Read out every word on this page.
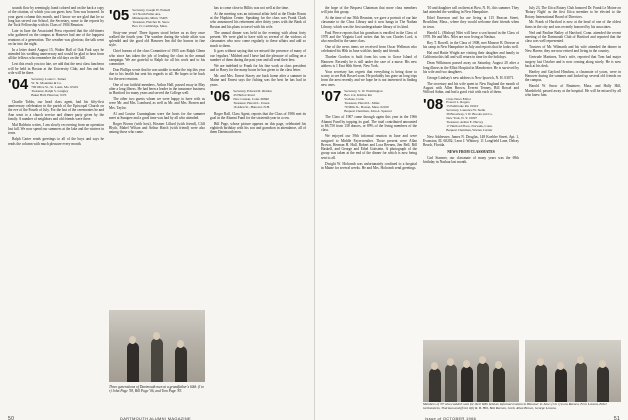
sounds flow by seemingly, hand colored and on the back a copy of the citation, of which you can guess how Tom was honored. In your guest column this month, and I know we are glad that he so long has served our School, the Secretary, some to the reports by the Tuck Fellowship with its Class of 1904 Reunion.

Late in June the Associated Press reported that the old-timers who gathered on the campus at Hanover had one of the happiest reunions of a generation. The weather was glorious; the talk went on far into the night.

In a letter dated August 15, Walter Ball of Oak Park says he attended his wedding anniversary and would be glad to hear from all the fellows who remember the old days on the hill.

Lest this reach you too late, we add that the next class luncheon will be held in Boston at the University Club, and Jim and his wife will be there.

'04 Secretary, Louis C. Turner
W. St. Mountain & Co.
700 Olive St., St. Louis, Mo. 63101
Treasurer, Ralph S. Langley
Baker Hall, Hanover, N.H.

Charlie Tobbs, our head class agent, had his fifty-first anniversary celebration in the parish of the Episcopal Church on the eve of the Fourth of July. For the last of the ceremonies he and Ann went to a church service and dinner party given by the family. A number of neighbors and old friends were there.

Mal Baldwin writes, I am slowly recovering from an operation last fall. We now spend our summers at the lake and the winters in town.

Ralph Carter sends greetings to all of the boys and says he reads the column with much pleasure every month.

'05 Secretary, Joseph W. Putnam
115 North Fuller Ave.
Minneapolis, Minn. 55403
Treasurer, Fletcher D. Snow
Box 15, Cambridge, Mass.

Sixty-one years! Three figures stood before us as they once walked the fourth year. The weather during the whole affair was splendid and the good old Hanover Inn did the honors in fine style.

Chief bureau of the class Committee of 1905 was Ralph Glenn who since has taken the job of leading the class in the annual campaign. We are grateful to Ralph for all his work and to his committee.

Don Phillips wrote that he was unable to make the trip this year due to his health but sent his regards to all. He hopes to be back for the next reunion.

One of our faithful members, Arthur Hall, passed away in May after a long illness. He had been a leader in the insurance business in Hartford for many years and served the College well.

The other two guests whom we were happy to have with us were Mr. and Mrs. Lombard, as well as Mr. and Mrs. Bowen and Mrs. Taylor.

Al and Louise Cunningham were the hosts for the summer meet at Sunapee and a good time was had by all who attended.

Roger Brown (with host), Hosmer Lillard (with friend), Cliff Blyth, Mabel Wilson and Arthur Hatch (with friend) were also among those who came.

Three generations of Dartmouth men at a grandfather's 60th. (l to r) John Page '58, Bill Page '06, and Tom Page '83.

has to come close to Billits was not well at the time.

At the meeting was an informal affair held at the Drake Room at the Hopkins Center. Speaking for the class was Frank Clark who announced his retirement after thirty years with the Bank of Boston and his plans to travel with his wife.

The annual dinner was held in the evening with about forty present. We were glad to have with us several of the widows of classmates who now come regularly to these affairs and add so much to them.

It goes without saying that we missed the presence of many of our 'regulars.' Mildred and I have had the pleasure of calling on a number of them during the past year and all send their best.

We are indebted to Frank for his fine work as class president and to Harry for the many hours he has given to the class letter.

Mr. and Mrs. Ernest Stacey are back home after a summer in Maine and Ernest says the fishing was the best he has had in years.

'06 Secretary, Edward R. Riddon
43 Harbor Road
New Canaan, Conn. 06840
Treasurer, Harold L. Unsen
16 Allen St., Hanover, N.H.

Roger Ball, Class Agent, reports that the Class of 1906 met its goal in the Alumni Fund for the sixteenth year in a row.

Bill Page, whose picture appears on this page, celebrated his eightieth birthday with his son and grandson in attendance, all of them Dartmouth men.

50	DARTMOUTH ALUMNI MAGAZINE

the hope of the Bequest Chairman that more class members will join this group.

At the time of our 50th Reunion, we gave a portrait of our late classmate to the Class Library and it now hangs in The Nathan Library, which was the first undergraduate library of its kind.

Paul Pierce reports that his grandson is enrolled in the Class of 1970 and the Virginia Lord writes that his son Charles Lord, is also enrolled in the same class.

One of the news items we received from Oscar Wellman who celebrated his 80th in June with his family and friends.

Thurber Gordon is built from his sons to Grace Island of Hanover. Recently he is still under the care of a nurse. His new address is 1 East 66th Street, New York.

Your secretary has regrets that everything is being done to scurry to see Bob Rossel soon. He probably has gone on long trips from the area recently and we hope he is not interested in finding new ones.

'07 Secretary, S. W. Worthington
Box 112, Kittitas Rd.
Vocluse, Conn.
Treasurer, Harold L. Miles
79 Milk St., Boston, Mass. 02109
Bequest Chairman, John A. Spencer

The Class of 1907 came through again this year in the 1966 Alumni Fund by topping its goal. The total contributed amounted to $6,750 from 138 donors, or 89% of the living members of the class.

We enjoyed our 59th informal reunion in June and were assigned to Middle Fayerweather. Those present were Allan Brown, Herman H. Hall, Robert and Lora Reenen, Jim Bell, Bill Haskell, and George and Ethel Gottstein. A photograph of the group was taken at the end of the dinner for which is now being sent to all.

Dwight W. Holcomb was unfortunately confined to a hospital in Maine for several weeks. He and Mrs. Holcomb send greetings.

'10 and daughter call on them at Bow, N. H., this summer. They had attended the wedding in New Hampshire.

Ethel Emerson and Ira are living at 115 Beacon Street, Brookline, Mass., where they would welcome their friends when in town.

Harold L. (Bishop) Nilet will have a son bound in the Class of 1970. He and Mrs. Nilet are now living at Nashua.

Roy T. Rowell, in the Class of 1908, met Monroe B. Dresser at his camp in New Hampshire in July and reports that he looks well.

Hal and Hattie Wright are visiting their daughter and family in California this fall and will return in time for the holidays.

Dean Wilkinson passed away on Saturday, August 20 after a long illness in the Elliot Hospital in Manchester. He is survived by his wife and two daughters.

George Lindsay's new address is New Ipswich, N. H. 03071.

The secretary and his wife spent in New England the month of August with Allen Brown, Everett Tenney, Bill Rossel and Wilford Sabin, and had a good visit with each of them.

'08 Class News Editor
Everett L. Rogers
13 Pembroke Rd. 01610
Secretary, Laurence W. Stelle
39 Broadway, 5 W. Brooks and Co.
New York, N. Y. 10007
Treasurer, Arthur E. Harvey
17 Hartford Place, Norwalk, Conn.
Bequest Chairman, Warren Currier

New Addresses: James N. Douglas, 148 Koehler Street, Apt. 1, Evanston, Ill. 60202; Leon J. Whitney, 11 Longfield Lane, Delray Beach, Florida.

NEWS FROM CLASSMATES

Carl Starmer, our classmate of many years was the 69th birthday in Nashua last month.

July 23, The Utica Rotary Club honored Dr. Frank Le Moine on 'Rotary Night' as the first Utica member to be elected to the Rotary International Board of Directors.

Mr. Frank of Hartford is now at the head of one of the oldest firms in the city and was recently honored by his associates.

Ned and Pauline Bailey of Hartford, Conn. attended the recent meeting of the Dartmouth Club of Hartford and reported that the class was well represented.

Trustees of Mr. Wilmarth and his wife attended the dinner in New Haven; they are now retired and living in the country.

Gertrude Martinez, Tom's wife, reported that Tom had major surgery last October and is now coming along nicely. He is now back at his desk.

Hartley and Gaylord Hinshaw, a classmate of yours, were in Hanover during the summer and looked up several old friends on the campus.

Harold W. Snow of Braintree, Mass. and Hally Hill, Marshfield, passed away at the hospital. He will be missed by all who knew him.

Members of '07 who couldn't wait for their 60th held an informal reunion in Hanover in June; (l to r) Lora Reenen, Fern Lossow, Ethel Grebenstein, Thurman and (front left) R. B. Hill, Bob Reenen, Greb, Allan Brown, George Lossow.
Issue of OCTOBER 1966	51
